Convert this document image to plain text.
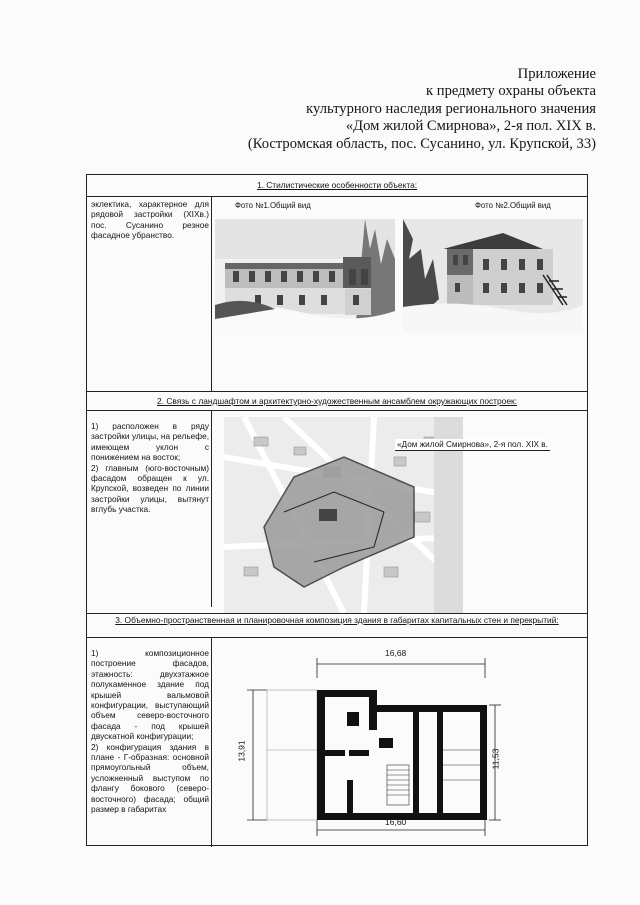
Приложение
к предмету охраны объекта
культурного наследия регионального значения
«Дом жилой Смирнова», 2-я пол. XIX в.
(Костромская область, пос. Сусанино, ул. Крупской, 33)
1. Стилистические особенности объекта:
эклектика, характерное для рядовой застройки (XIXв.) пос. Сусанино резное фасадное убранство.
Фото №1.Общий вид	Фото №2.Общий вид
2. Связь с ландшафтом и архитектурно-художественным ансамблем окружающих построек:
1) расположен в ряду застройки улицы, на рельефе, имеющем уклон с понижением на восток;
2) главным (юго-восточным) фасадом обращен к ул. Крупской, возведен по линии застройки улицы, вытянут вглубь участка.
«Дом жилой Смирнова», 2-я пол. XIX в.
3. Объемно-пространственная и планировочная композиция здания в габаритах капитальных стен и перекрытий:
1) композиционное построение фасадов, этажность: двухэтажное полукаменное здание под крышей вальмовой конфигурации, выступающий объем северо-восточного фасада - под крышей двускатной конфигурации;
2) конфигурация здания в плане - Г-образная: основной прямоугольный объем, усложненный выступом по флангу бокового (северо-восточного) фасада; общий размер в габаритах
16,68
16,60
13,91	11,53
